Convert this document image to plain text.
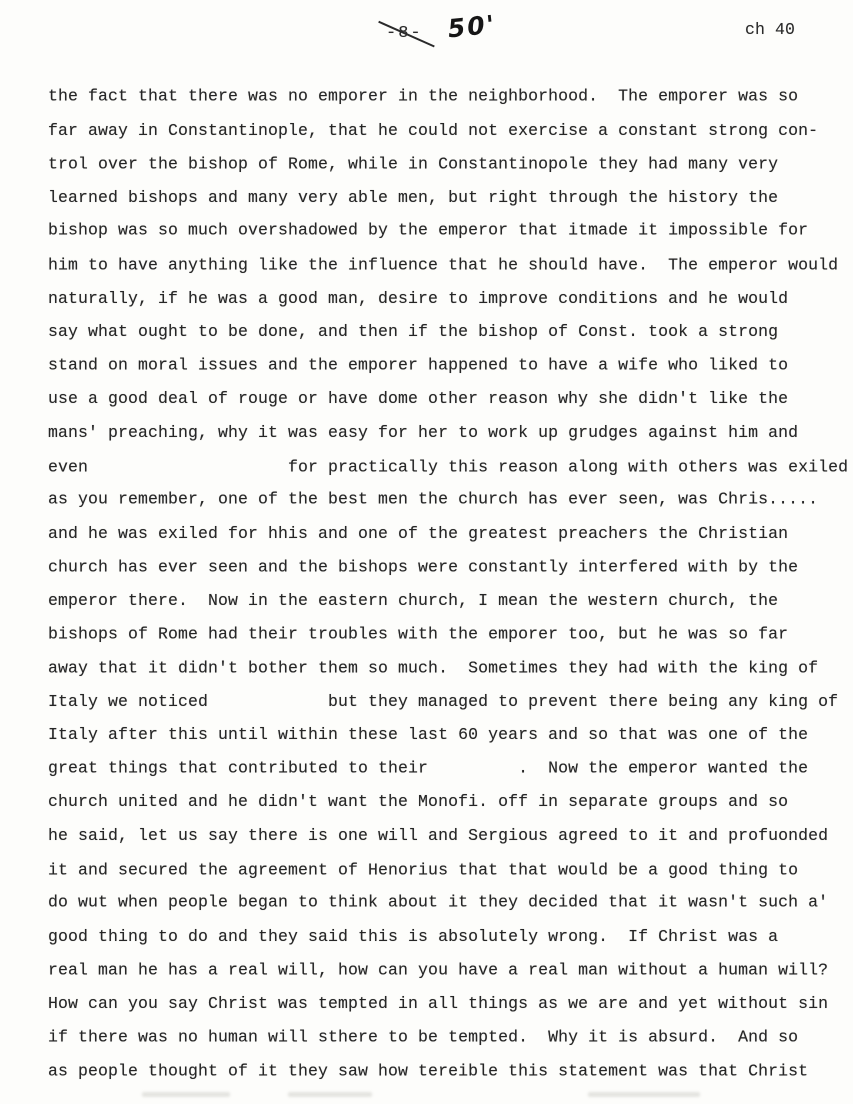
-8- 50'	ch 40
the fact that there was no emporer in the neighborhood.  The emporer was so
far away in Constantinople, that he could not exercise a constant strong con-
trol over the bishop of Rome, while in Constantinopole they had many very
learned bishops and many very able men, but right through the history the
bishop was so much overshadowed by the emperor that itmade it impossible for
him to have anything like the influence that he should have.  The emperor would
naturally, if he was a good man, desire to improve conditions and he would
say what ought to be done, and then if the bishop of Const. took a strong
stand on moral issues and the emporer happened to have a wife who liked to
use a good deal of rouge or have dome other reason why she didn't like the
mans' preaching, why it was easy for her to work up grudges against him and
even                    for practically this reason along with others was exiled
as you remember, one of the best men the church has ever seen, was Chris.....
and he was exiled for hhis and one of the greatest preachers the Christian
church has ever seen and the bishops were constantly interfered with by the
emperor there.  Now in the eastern church, I mean the western church, the
bishops of Rome had their troubles with the emporer too, but he was so far
away that it didn't bother them so much.  Sometimes they had with the king of
Italy we noticed            but they managed to prevent there being any king of
Italy after this until within these last 60 years and so that was one of the
great things that contributed to their         .  Now the emperor wanted the
church united and he didn't want the Monofi. off in separate groups and so
he said, let us say there is one will and Sergious agreed to it and profuonded
it and secured the agreement of Henorius that that would be a good thing to
do wut when people began to think about it they decided that it wasn't such a'
good thing to do and they said this is absolutely wrong.  If Christ was a
real man he has a real will, how can you have a real man without a human will?
How can you say Christ was tempted in all things as we are and yet without sin
if there was no human will sthere to be tempted.  Why it is absurd.  And so
as people thought of it they saw how tereible this statement was that Christ
